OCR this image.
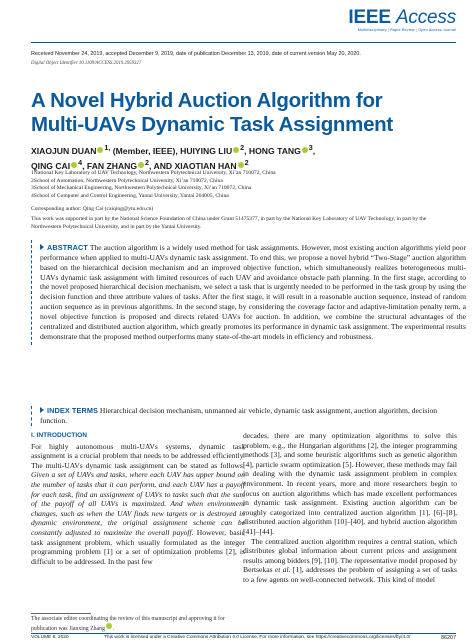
IEEE Access
Multidisciplinary ¦ Rapid Review ¦ Open Access Journal
Received November 24, 2019, accepted December 9, 2019, date of publication December 13, 2019, date of current version May 20, 2020.
Digital Object Identifier 10.1109/ACCESS.2019.2959327
A Novel Hybrid Auction Algorithm for
Multi-UAVs Dynamic Task Assignment
XIAOJUN DUAN $^{1,}$ (Member, IEEE), HUIYING LIU $^2$, HONG TANG $^3$,
QING CAI $^4$, FAN ZHANG $^2$, AND XIAOTIAN HAN $^2$
1National Key Laboratory of UAV Technology, Northwestern Polytechnical University, Xi’an 710072, China
2School of Automation, Northwestern Polytechnical University, Xi’an 710072, China
3School of Mechanical Engineering, Northwestern Polytechnical University, Xi’an 710072, China
4School of Computer and Control Engineering, Yantai University, Yantai 264005, China
Corresponding author: Qing Cai (caiqing@ytu.edu.cn)
This work was supported in part by the National Science Foundation of China under Grant 51475377, in part by the National Key Laboratory of UAV Technology, in part by the Northwestern Polytechnical University, and in part by the Yantai University.
ABSTRACT The auction algorithm is a widely used method for task assignments. However, most existing auction algorithms yield poor performance when applied to multi-UAVs dynamic task assignment. To end this, we propose a novel hybrid “Two-Stage” auction algorithm based on the hierarchical decision mechanism and an improved objective function, which simultaneously realizes heterogeneous multi-UAVs dynamic task assignment with limited resources of each UAV and avoidance obstacle path planning. In the first stage, according to the novel proposed hierarchical decision mechanism, we select a task that is urgently needed to be performed in the task group by using the decision function and three attribute values of tasks. After the first stage, it will result in a reasonable auction sequence, instead of random auction sequence as in previous algorithms. In the second stage, by considering the coverage factor and adaptive-limitation penalty term, a novel objective function is proposed and directs related UAVs for auction. In addition, we combine the structural advantages of the centralized and distributed auction algorithm, which greatly promotes its performance in dynamic task assignment. The experimental results demonstrate that the proposed method outperforms many state-of-the-art models in efficiency and robustness.
INDEX TERMS Hierarchical decision mechanism, unmanned air vehicle, dynamic task assignment, auction algorithm, decision function.
I. INTRODUCTION
For highly autonomous multi-UAVs systems, dynamic task assignment is a crucial problem that needs to be addressed efficiently. The multi-UAVs dynamic task assignment can be stated as follows: Given a set of UAVs and tasks, where each UAV has upper bound on the number of tasks that it can perform, and each UAV has a payoff for each task, find an assignment of UAVs to tasks such that the sum of the payoff of all UAVs is maximized. And when environment changes, such as when the UAV finds new targets or is destroyed in dynamic environment, the original assignment scheme can be constantly adjusted to maximize the overall payoff. However, basic task assignment problem, which usually formulated as the integer programming problem [1] or a set of optimization problems [2], is difficult to be addressed. In the past few
decades, there are many optimization algorithms to solve this problem, e.g., the Hungarian algorithms [2], the integer programming methods [3], and some heuristic algorithms such as genetic algorithm [4], particle swarm optimization [5]. However, these methods may fail in dealing with the dynamic task assignment problem in complex environment. In recent years, more and more researchers begin to focus on auction algorithms which has made excellent performances in dynamic task assignment. Existing auction algorithm can be roughly categorized into centralized auction algorithm [1], [6]–[8], distributed auction algorithm [10]–[40], and hybrid auction algorithm [41]–[44].
The centralized auction algorithm requires a central station, which distributes global information about current prices and assignment results among bidders [9], [10]. The representative model proposed by Bertsekas et al. [1], addresses the problem of assigning a set of tasks to a few agents on well-connected network. This kind of model
The associate editor coordinating the review of this manuscript and approving it for publication was Jianxing Zhang .
VOLUME 8, 2020	This work is licensed under a Creative Commons Attribution 4.0 License. For more information, see https://creativecommons.org/licenses/by/4.0/	86207
